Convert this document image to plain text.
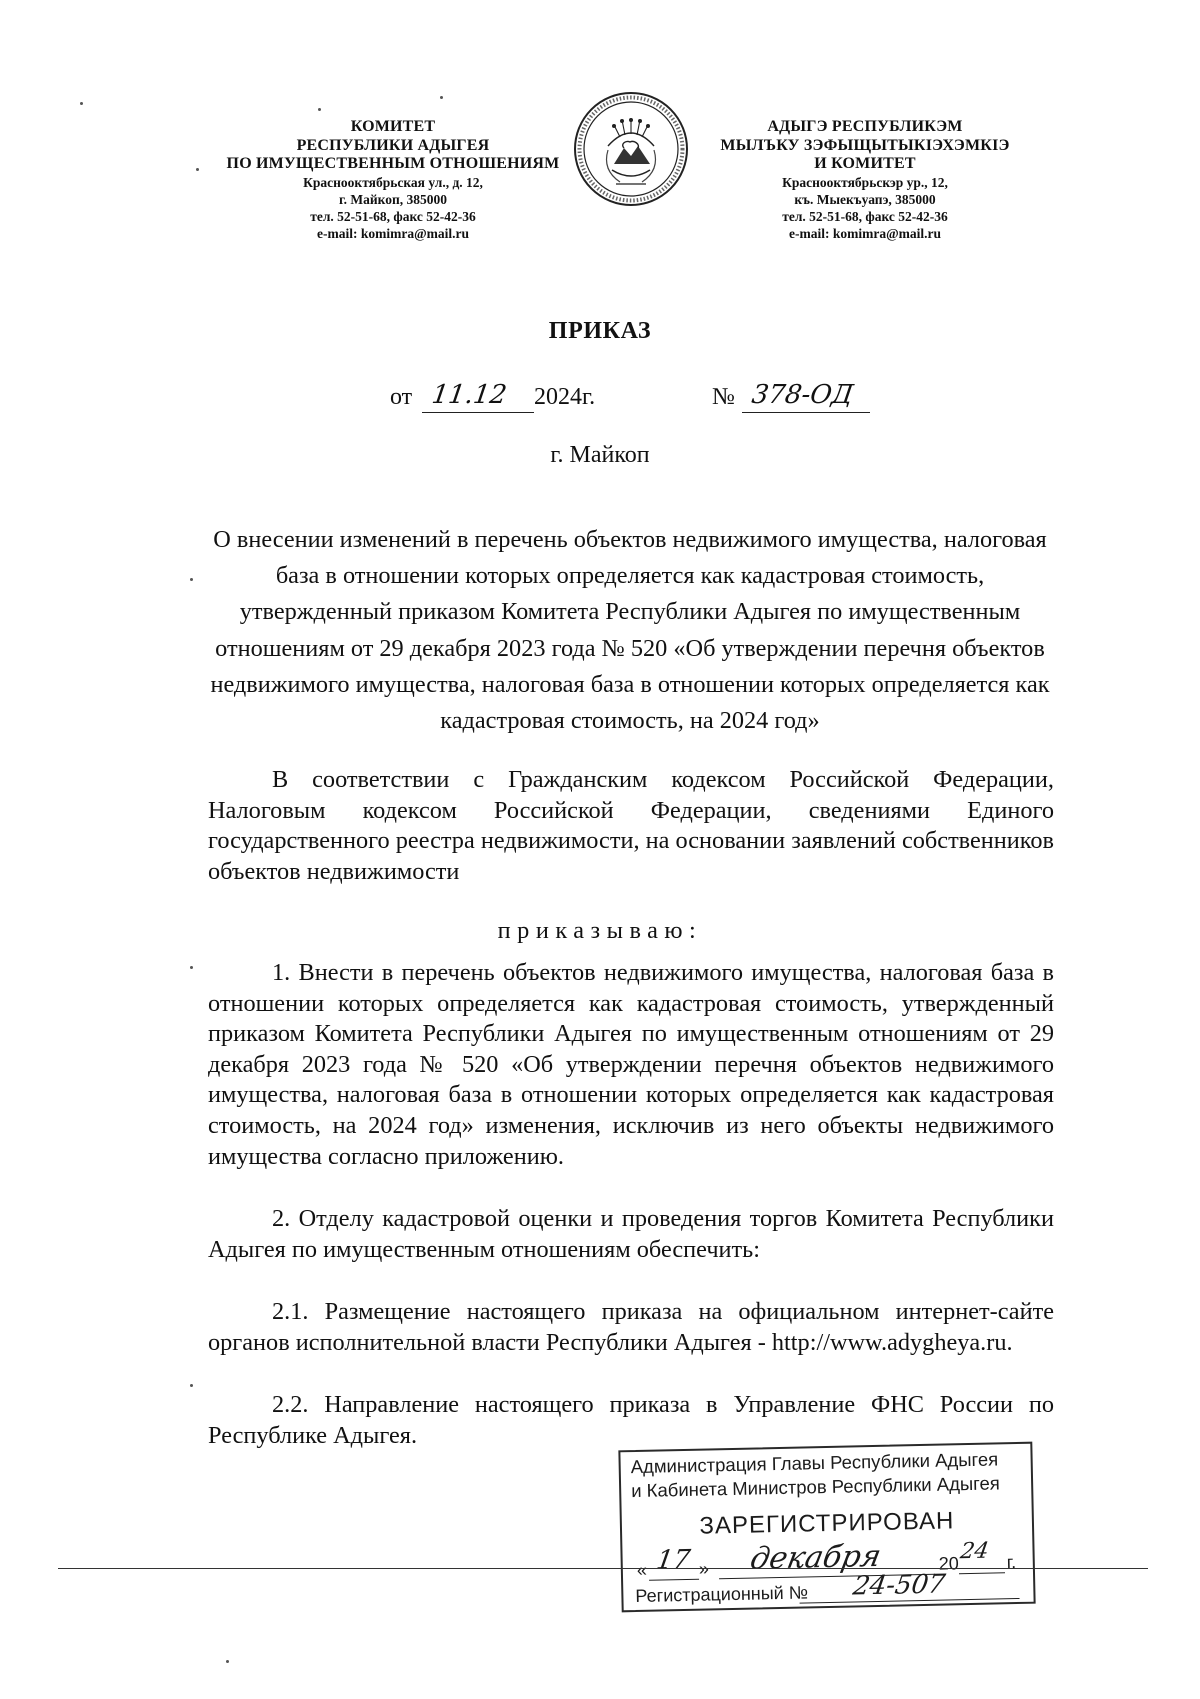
КОМИТЕТ
РЕСПУБЛИКИ АДЫГЕЯ
ПО ИМУЩЕСТВЕННЫМ ОТНОШЕНИЯМ
Краснооктябрьская ул., д. 12,
г. Майкоп, 385000
тел. 52-51-68, факс 52-42-36
e-mail: komimra@mail.ru
АДЫГЭ РЕСПУБЛИКЭМ
МЫЛЪКУ ЗЭФЫЩЫТЫКIЭХЭМКIЭ
И КОМИТЕТ
Краснооктябрьскэр ур., 12,
къ. Мыекъуапэ, 385000
тел. 52-51-68, факс 52-42-36
e-mail: komimra@mail.ru
ПРИКАЗ
от 11.12 2024г.	№ 378-ОД
г. Майкоп
О внесении изменений в перечень объектов недвижимого имущества, налоговая база в отношении которых определяется как кадастровая стоимость, утвержденный приказом Комитета Республики Адыгея по имущественным отношениям от 29 декабря 2023 года № 520 «Об утверждении перечня объектов недвижимого имущества, налоговая база в отношении которых определяется как кадастровая стоимость, на 2024 год»
В соответствии с Гражданским кодексом Российской Федерации, Налоговым кодексом Российской Федерации, сведениями Единого государственного реестра недвижимости, на основании заявлений собственников объектов недвижимости
приказываю:
1. Внести в перечень объектов недвижимого имущества, налоговая база в отношении которых определяется как кадастровая стоимость, утвержденный приказом Комитета Республики Адыгея по имущественным отношениям от 29 декабря 2023 года № 520 «Об утверждении перечня объектов недвижимого имущества, налоговая база в отношении которых определяется как кадастровая стоимость, на 2024 год» изменения, исключив из него объекты недвижимого имущества согласно приложению.
2. Отделу кадастровой оценки и проведения торгов Комитета Республики Адыгея по имущественным отношениям обеспечить:
2.1. Размещение настоящего приказа на официальном интернет-сайте органов исполнительной власти Республики Адыгея - http://www.adygheya.ru.
2.2. Направление настоящего приказа в Управление ФНС России по Республике Адыгея.
Администрация Главы Республики Адыгея
и Кабинета Министров Республики Адыгея
ЗАРЕГИСТРИРОВАН
« 17 » декабря	20 24 г.
Регистрационный № 24-507
